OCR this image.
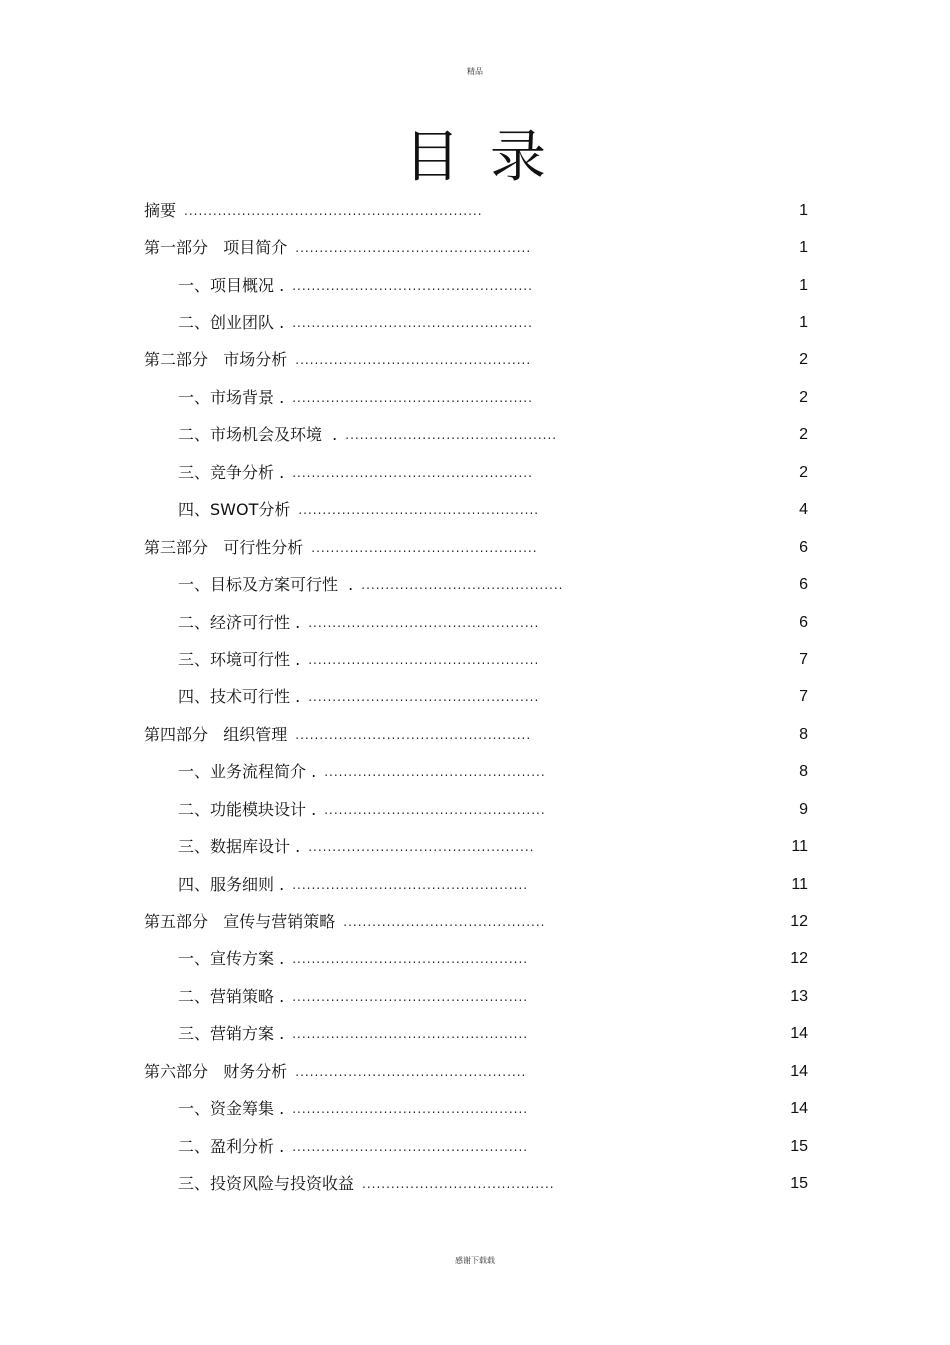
精品
目录
摘要 ..............................................................	1
第一部分   项目简介 .................................................	1
一、项目概况 . ..................................................	1
二、创业团队 . ..................................................	1
第二部分   市场分析 .................................................	2
一、市场背景 . ..................................................	2
二、市场机会及环境  . ............................................	2
三、竞争分析 . ..................................................	2
四、SWOT分析 ..................................................	4
第三部分   可行性分析 ...............................................	6
一、目标及方案可行性  . ..........................................	6
二、经济可行性 . ................................................	6
三、环境可行性 . ................................................	7
四、技术可行性 . ................................................	7
第四部分   组织管理 .................................................	8
一、业务流程简介 . ..............................................	8
二、功能模块设计 . ..............................................	9
三、数据库设计 . ...............................................	11
四、服务细则 . .................................................	11
第五部分   宣传与营销策略 ..........................................	12
一、宣传方案 . .................................................	12
二、营销策略 . .................................................	13
三、营销方案 . .................................................	14
第六部分   财务分析 ................................................	14
一、资金筹集 . .................................................	14
二、盈利分析 . .................................................	15
三、投资风险与投资收益 ........................................	15
感谢下载载
